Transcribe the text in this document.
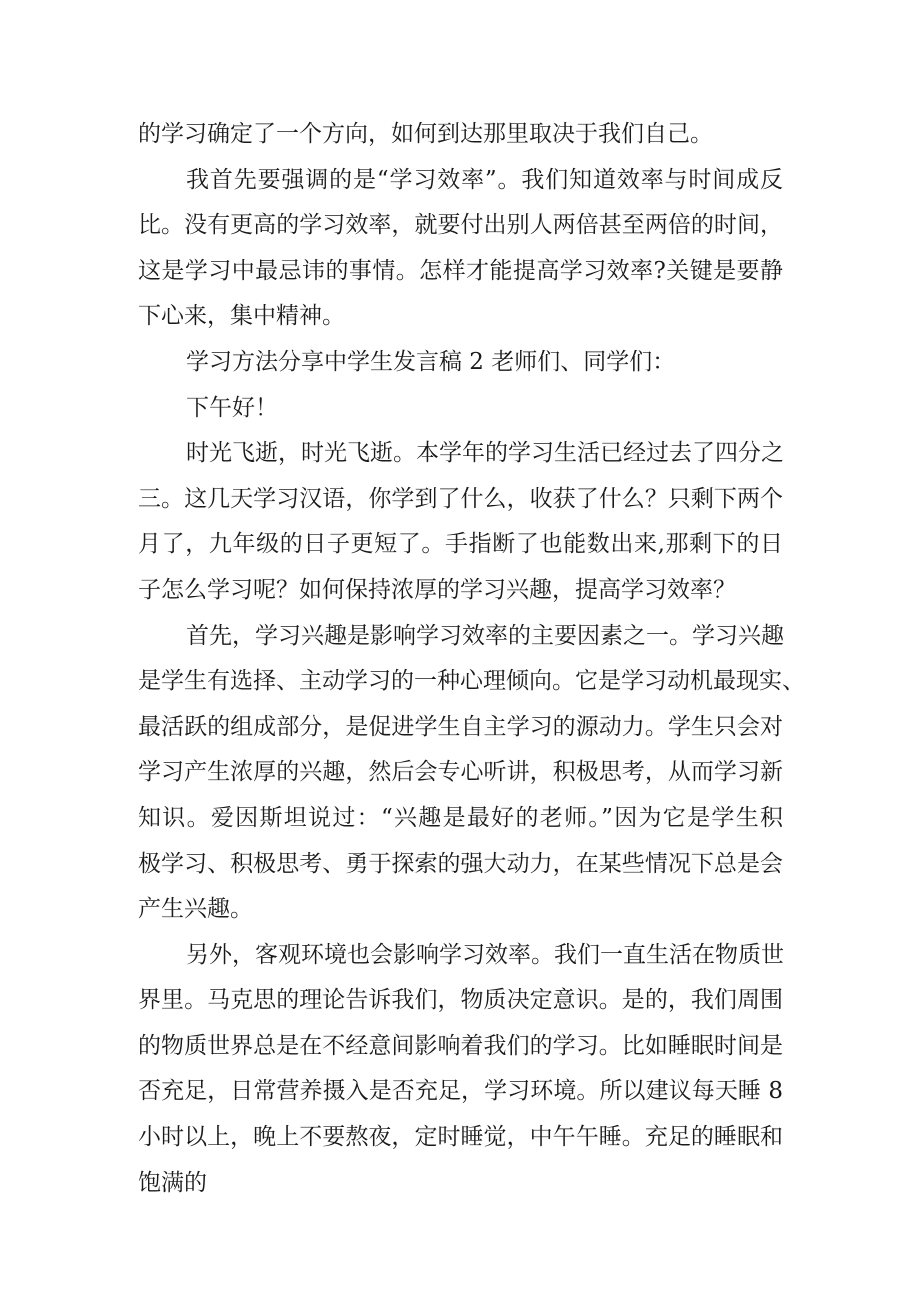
的学习确定了一个方向，如何到达那里取决于我们自己。
我首先要强调的是“学习效率”。我们知道效率与时间成反
比。没有更高的学习效率，就要付出别人两倍甚至两倍的时间，
这是学习中最忌讳的事情。怎样才能提高学习效率?关键是要静
下心来，集中精神。
学习方法分享中学生发言稿 2 老师们、同学们：
下午好！
时光飞逝，时光飞逝。本学年的学习生活已经过去了四分之
三。这几天学习汉语，你学到了什么，收获了什么？只剩下两个
月了，九年级的日子更短了。手指断了也能数出来,那剩下的日
子怎么学习呢？如何保持浓厚的学习兴趣，提高学习效率？
首先，学习兴趣是影响学习效率的主要因素之一。学习兴趣
是学生有选择、主动学习的一种心理倾向。它是学习动机最现实、
最活跃的组成部分，是促进学生自主学习的源动力。学生只会对
学习产生浓厚的兴趣，然后会专心听讲，积极思考，从而学习新
知识。爱因斯坦说过：“兴趣是最好的老师。”因为它是学生积
极学习、积极思考、勇于探索的强大动力，在某些情况下总是会
产生兴趣。
另外，客观环境也会影响学习效率。我们一直生活在物质世
界里。马克思的理论告诉我们，物质决定意识。是的，我们周围
的物质世界总是在不经意间影响着我们的学习。比如睡眠时间是
否充足，日常营养摄入是否充足，学习环境。所以建议每天睡 8
小时以上，晚上不要熬夜，定时睡觉，中午午睡。充足的睡眠和
饱满的
